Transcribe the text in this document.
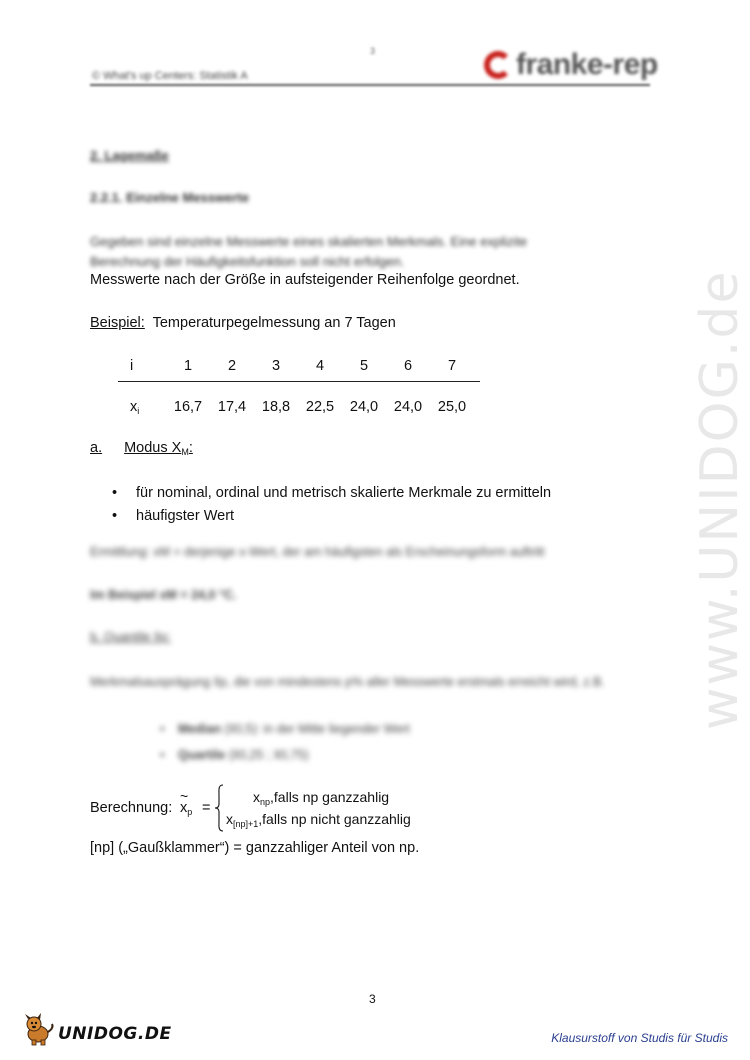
3
© What's up Centers: Statistik A	franke-rep
www.UNIDOG.de
2. Lagemaße
2.2.1. Einzelne Messwerte
Gegeben sind einzelne Messwerte eines skalierten Merkmals. Eine explizite
Berechnung der Häufigkeitsfunktion soll nicht erfolgen.
Messwerte nach der Größe in aufsteigender Reihenfolge geordnet.
Beispiel: Temperaturpegelmessung an 7 Tagen
i	1	2	3	4	5	6	7
xi	16,7	17,4	18,8	22,5	24,0	24,0	25,0
a. Modus $X_M$:
• für nominal, ordinal und metrisch skalierte Merkmale zu ermitteln
• häufigster Wert
Ermittlung: xM = derjenige x-Wert, der am häufigsten als Erscheinungsform auftritt
Im Beispiel xM = 24,0 °C.
b. Quantile x̃p:
Merkmalsausprägung x̃p, die von mindestens p% aller Messwerte erstmals erreicht wird, z.B.
• Median (x̃0,5): in der Mitte liegender Wert
• Quartile (x̃0,25 ; x̃0,75)
Berechnung:
~
$x_p$ =
$x_{np},falls$ np ganzzahlig
$x_{[np]+1},falls$ np nicht ganzzahlig
[np] („Gaußklammer“) = ganzzahliger Anteil von np.
3
UNIDOG.DE	Klausurstoff von Studis für Studis
